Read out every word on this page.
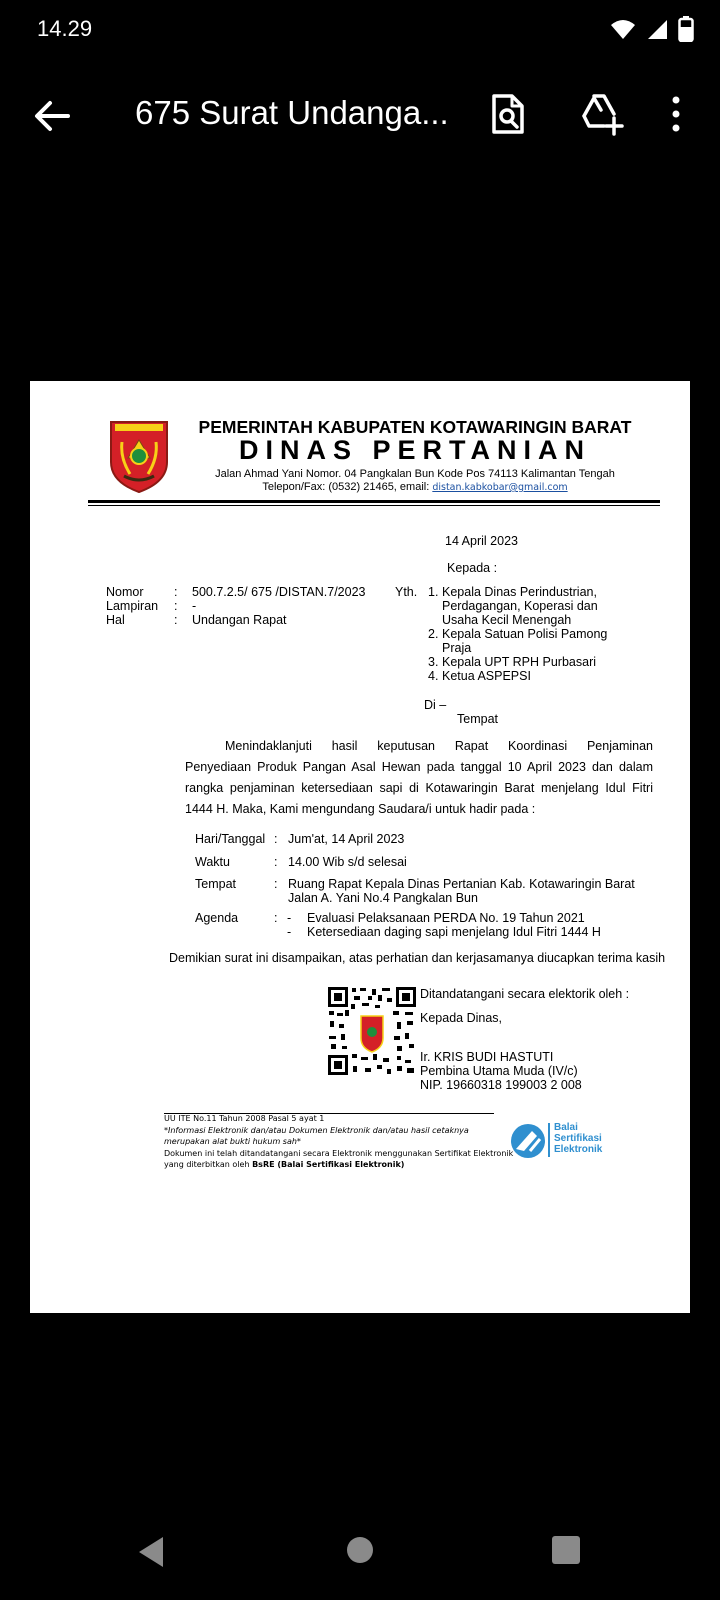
14.29
675 Surat Undanga...
PEMERINTAH KABUPATEN KOTAWARINGIN BARAT
DINAS PERTANIAN
Jalan Ahmad Yani Nomor. 04 Pangkalan Bun Kode Pos 74113 Kalimantan Tengah
Telepon/Fax: (0532) 21465, email: distan.kabkobar@gmail.com
14 April 2023
Kepada :
Nomor : 500.7.2.5/ 675 /DISTAN.7/2023
Lampiran : -
Hal	: Undangan Rapat
Yth. 1. Kepala Dinas Perindustrian,
Perdagangan, Koperasi dan
Usaha Kecil Menengah
2. Kepala Satuan Polisi Pamong
Praja
3. Kepala UPT RPH Purbasari
4. Ketua ASPEPSI
Di –
Tempat
Menindaklanjuti hasil keputusan Rapat Koordinasi Penjaminan
Penyediaan Produk Pangan Asal Hewan pada tanggal 10 April 2023 dan dalam
rangka penjaminan ketersediaan sapi di Kotawaringin Barat menjelang Idul Fitri
1444 H. Maka, Kami mengundang Saudara/i untuk hadir pada :
Hari/Tanggal : Jum'at, 14 April 2023
Waktu	: 14.00 Wib s/d selesai
Tempat	: Ruang Rapat Kepala Dinas Pertanian Kab. Kotawaringin Barat
Jalan A. Yani No.4 Pangkalan Bun
Agenda	: - Evaluasi Pelaksanaan PERDA No. 19 Tahun 2021
- Ketersediaan daging sapi menjelang Idul Fitri 1444 H
Demikian surat ini disampaikan, atas perhatian dan kerjasamanya diucapkan terima kasih
Ditandatangani secara elektorik oleh :
Kepada Dinas,
Ir. KRIS BUDI HASTUTI
Pembina Utama Muda (IV/c)
NIP. 19660318 199003 2 008
UU ITE No.11 Tahun 2008 Pasal 5 ayat 1
*Informasi Elektronik dan/atau Dokumen Elektronik dan/atau hasil cetaknya
merupakan alat bukti hukum sah*
Dokumen ini telah ditandatangani secara Elektronik menggunakan Sertifikat Elektronik
yang diterbitkan oleh BsRE (Balai Sertifikasi Elektronik)
Balai
Sertifikasi
Elektronik
